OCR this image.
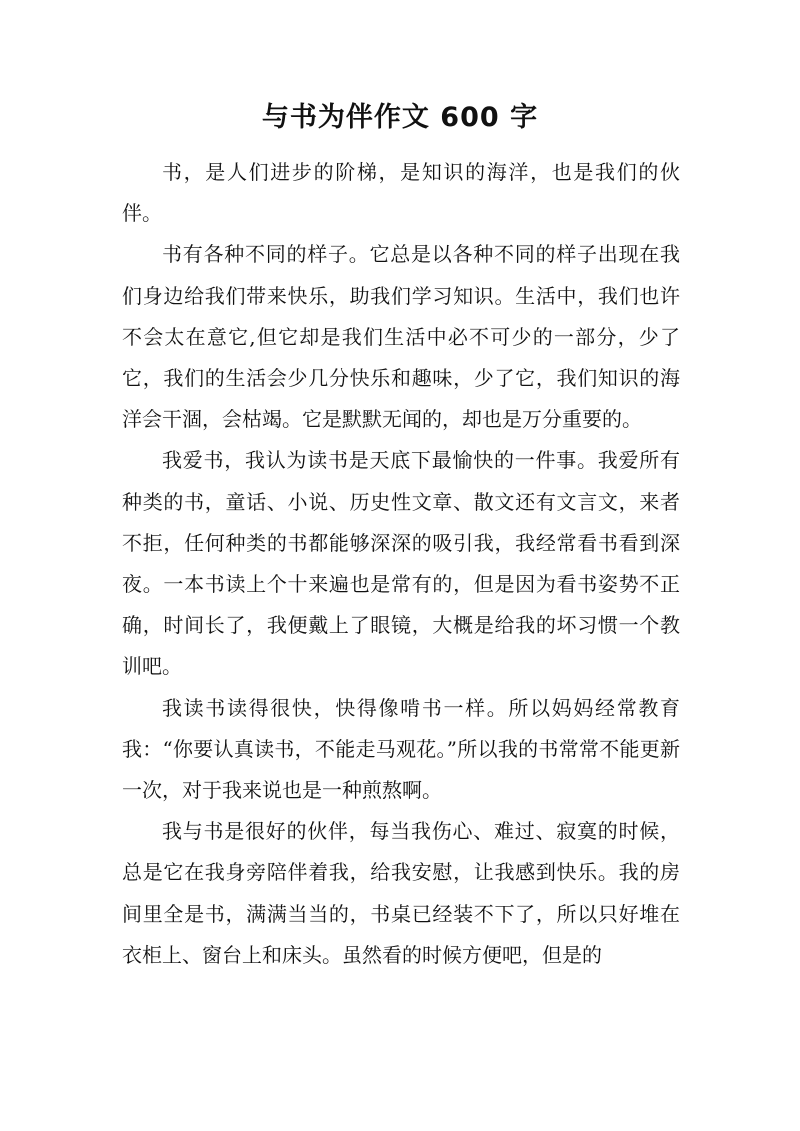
与书为伴作文 600 字

书，是人们进步的阶梯，是知识的海洋，也是我们的伙伴。

书有各种不同的样子。它总是以各种不同的样子出现在我们身边给我们带来快乐，助我们学习知识。生活中，我们也许不会太在意它,但它却是我们生活中必不可少的一部分，少了它，我们的生活会少几分快乐和趣味，少了它，我们知识的海洋会干涸，会枯竭。它是默默无闻的，却也是万分重要的。

我爱书，我认为读书是天底下最愉快的一件事。我爱所有种类的书，童话、小说、历史性文章、散文还有文言文，来者不拒，任何种类的书都能够深深的吸引我，我经常看书看到深夜。一本书读上个十来遍也是常有的，但是因为看书姿势不正确，时间长了，我便戴上了眼镜，大概是给我的坏习惯一个教训吧。

我读书读得很快，快得像啃书一样。所以妈妈经常教育我：“你要认真读书，不能走马观花。”所以我的书常常不能更新一次，对于我来说也是一种煎熬啊。

我与书是很好的伙伴，每当我伤心、难过、寂寞的时候，总是它在我身旁陪伴着我，给我安慰，让我感到快乐。我的房间里全是书，满满当当的，书桌已经装不下了，所以只好堆在衣柜上、窗台上和床头。虽然看的时候方便吧，但是的
